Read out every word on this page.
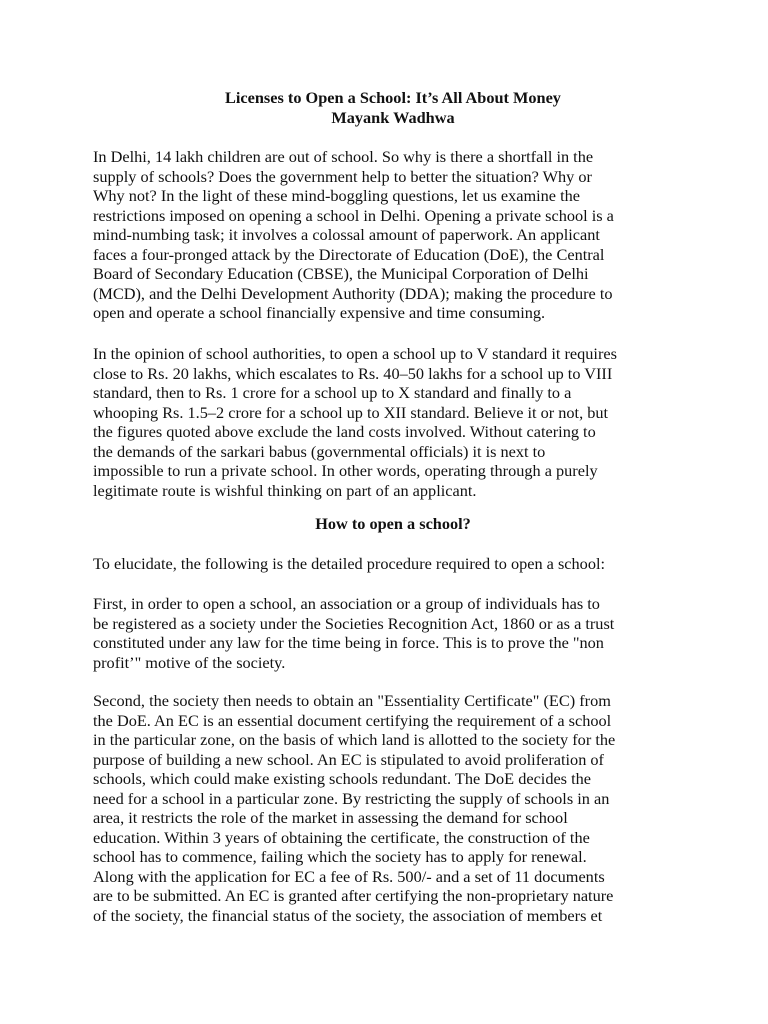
Licenses to Open a School: It’s All About Money
Mayank Wadhwa
In Delhi, 14 lakh children are out of school. So why is there a shortfall in the
supply of schools? Does the government help to better the situation? Why or
Why not? In the light of these mind-boggling questions, let us examine the
restrictions imposed on opening a school in Delhi. Opening a private school is a
mind-numbing task; it involves a colossal amount of paperwork. An applicant
faces a four-pronged attack by the Directorate of Education (DoE), the Central
Board of Secondary Education (CBSE), the Municipal Corporation of Delhi
(MCD), and the Delhi Development Authority (DDA); making the procedure to
open and operate a school financially expensive and time consuming.
In the opinion of school authorities, to open a school up to V standard it requires
close to Rs. 20 lakhs, which escalates to Rs. 40–50 lakhs for a school up to VIII
standard, then to Rs. 1 crore for a school up to X standard and finally to a
whooping Rs. 1.5–2 crore for a school up to XII standard. Believe it or not, but
the figures quoted above exclude the land costs involved. Without catering to
the demands of the sarkari babus (governmental officials) it is next to
impossible to run a private school. In other words, operating through a purely
legitimate route is wishful thinking on part of an applicant.
How to open a school?
To elucidate, the following is the detailed procedure required to open a school:
First, in order to open a school, an association or a group of individuals has to
be registered as a society under the Societies Recognition Act, 1860 or as a trust
constituted under any law for the time being in force. This is to prove the "non
profit’" motive of the society.
Second, the society then needs to obtain an "Essentiality Certificate" (EC) from
the DoE. An EC is an essential document certifying the requirement of a school
in the particular zone, on the basis of which land is allotted to the society for the
purpose of building a new school. An EC is stipulated to avoid proliferation of
schools, which could make existing schools redundant. The DoE decides the
need for a school in a particular zone. By restricting the supply of schools in an
area, it restricts the role of the market in assessing the demand for school
education. Within 3 years of obtaining the certificate, the construction of the
school has to commence, failing which the society has to apply for renewal.
Along with the application for EC a fee of Rs. 500/- and a set of 11 documents
are to be submitted. An EC is granted after certifying the non-proprietary nature
of the society, the financial status of the society, the association of members et
